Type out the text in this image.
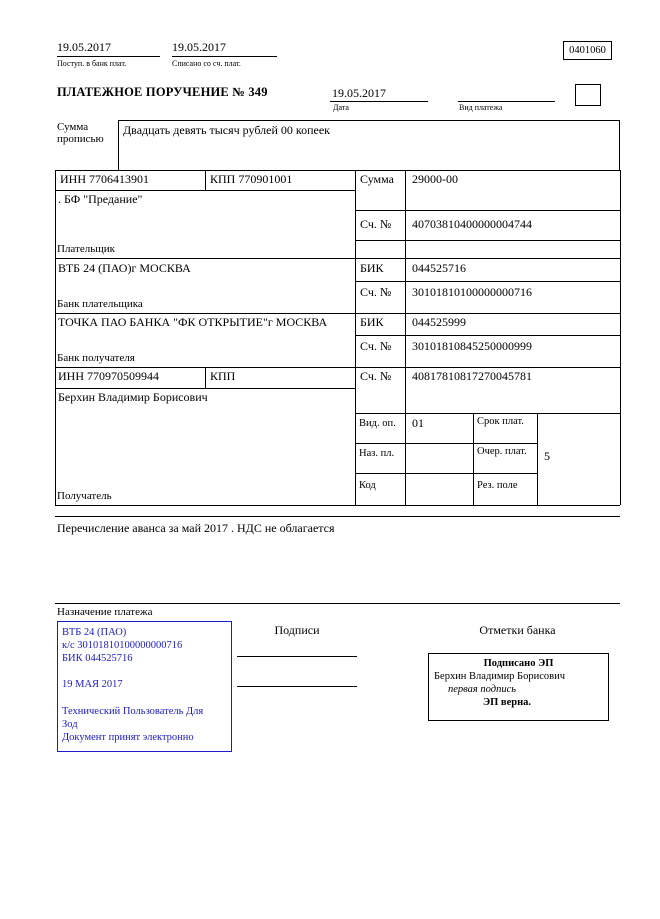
19.05.2017
Поступ. в банк плат.
19.05.2017
Списано со сч. плат.
0401060
ПЛАТЕЖНОЕ ПОРУЧЕНИЕ № 349	19.05.2017
Дата	Вид платежа
Сумма прописью
Двадцать девять тысяч рублей 00 копеек
ИНН 7706413901	КПП 770901001	Сумма 29000-00
. БФ "Предание"
Сч. № 40703810400000004744
Плательщик
ВТБ 24 (ПАО)г МОСКВА	БИК 044525716
Сч. № 30101810100000000716
Банк плательщика
ТОЧКА ПАО БАНКА "ФК ОТКРЫТИЕ"г МОСКВА	БИК 044525999
Сч. № 30101810845250000999
Банк получателя
ИНН 770970509944	КПП	Сч. № 40817810817270045781
Берхин Владимир Борисович
Получатель
Вид. оп. 01	Срок плат.
Наз. пл.	Очер. плат. 5
Код	Рез. поле
Перечисление аванса за май 2017 . НДС не облагается
Назначение платежа
ВТБ 24 (ПАО)
к/с 30101810100000000716
БИК 044525716
19 МАЯ 2017
Технический Пользователь Для
Зод
Документ принят электронно
Подписи	Отметки банка
Подписано ЭП
Берхин Владимир Борисович
первая подпись
ЭП верна.
